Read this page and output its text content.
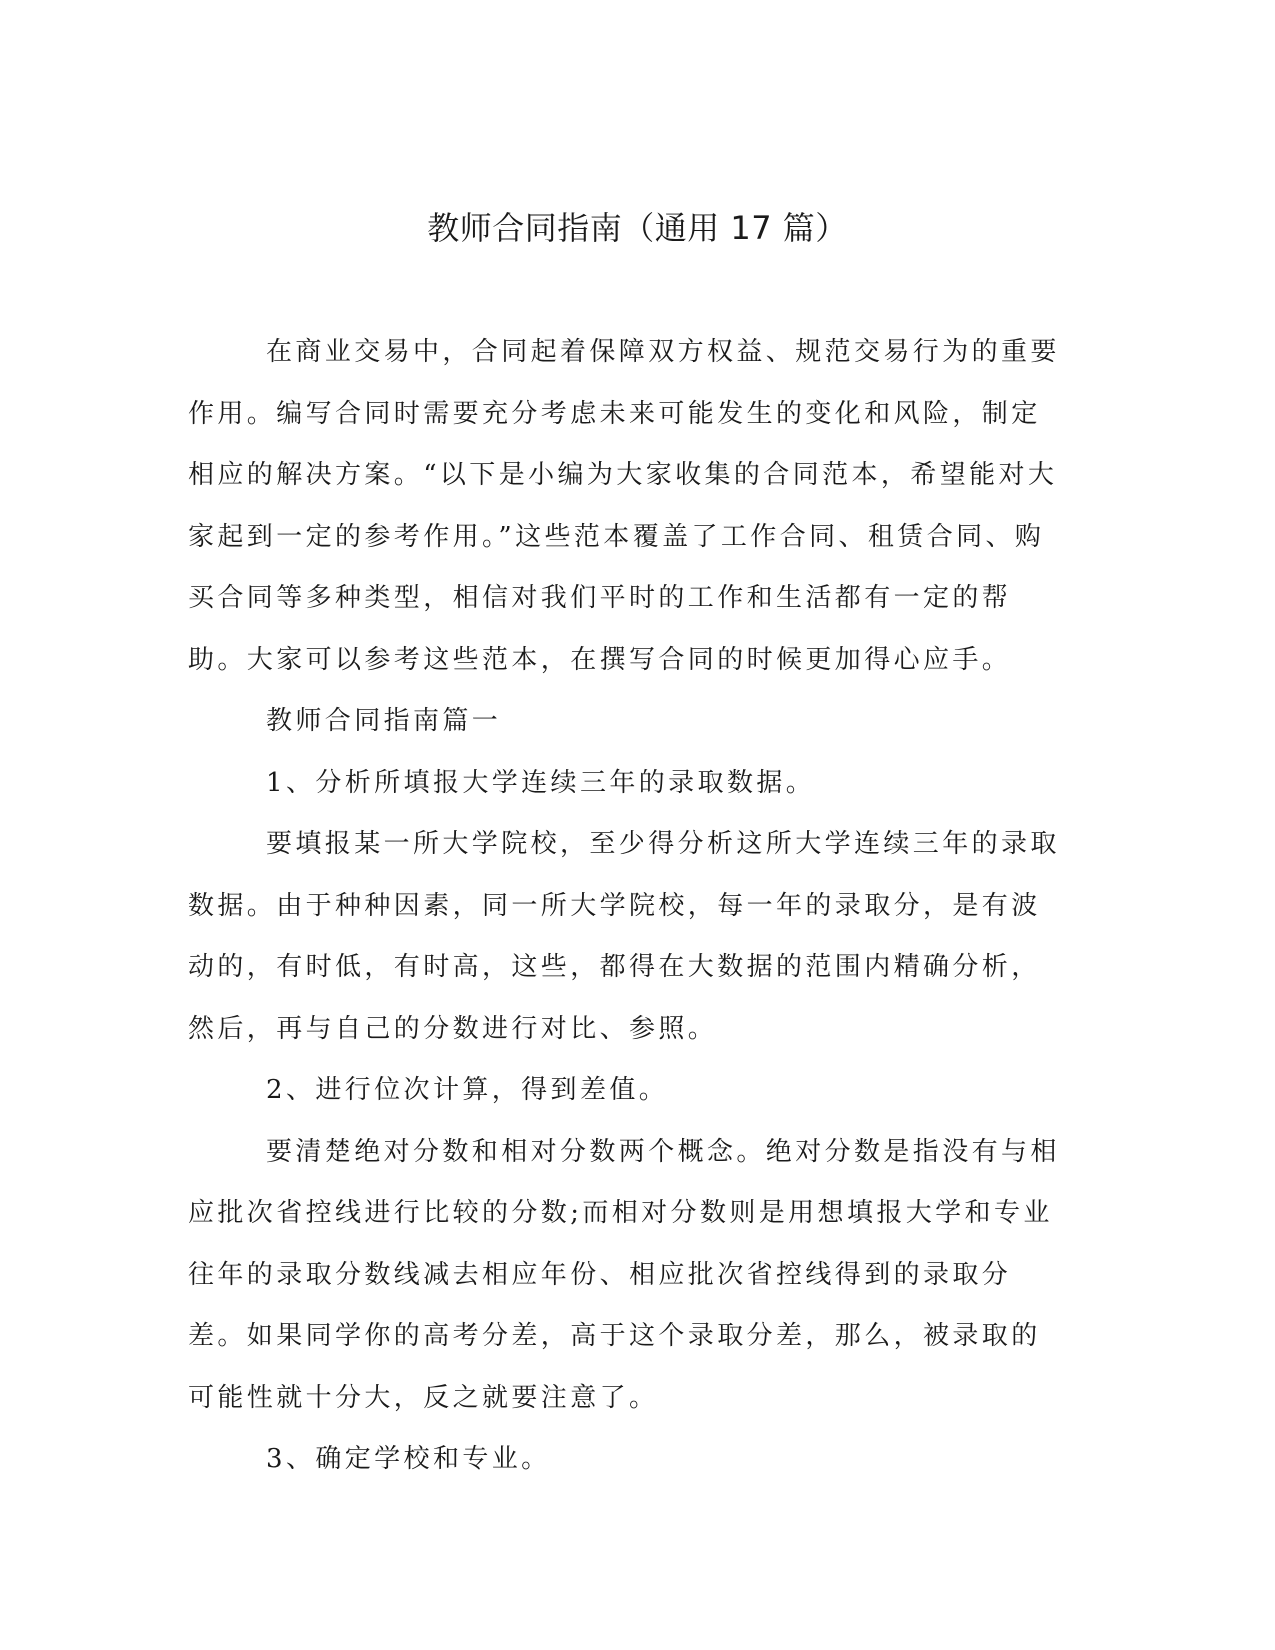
教师合同指南（通用 17 篇）

在商业交易中，合同起着保障双方权益、规范交易行为的重要作用。编写合同时需要充分考虑未来可能发生的变化和风险，制定相应的解决方案。“以下是小编为大家收集的合同范本，希望能对大家起到一定的参考作用。”这些范本覆盖了工作合同、租赁合同、购买合同等多种类型，相信对我们平时的工作和生活都有一定的帮助。大家可以参考这些范本，在撰写合同的时候更加得心应手。

教师合同指南篇一

1、分析所填报大学连续三年的录取数据。

要填报某一所大学院校，至少得分析这所大学连续三年的录取数据。由于种种因素，同一所大学院校，每一年的录取分，是有波动的，有时低，有时高，这些，都得在大数据的范围内精确分析，然后，再与自己的分数进行对比、参照。

2、进行位次计算，得到差值。

要清楚绝对分数和相对分数两个概念。绝对分数是指没有与相应批次省控线进行比较的分数;而相对分数则是用想填报大学和专业往年的录取分数线减去相应年份、相应批次省控线得到的录取分差。如果同学你的高考分差，高于这个录取分差，那么，被录取的可能性就十分大，反之就要注意了。

3、确定学校和专业。
